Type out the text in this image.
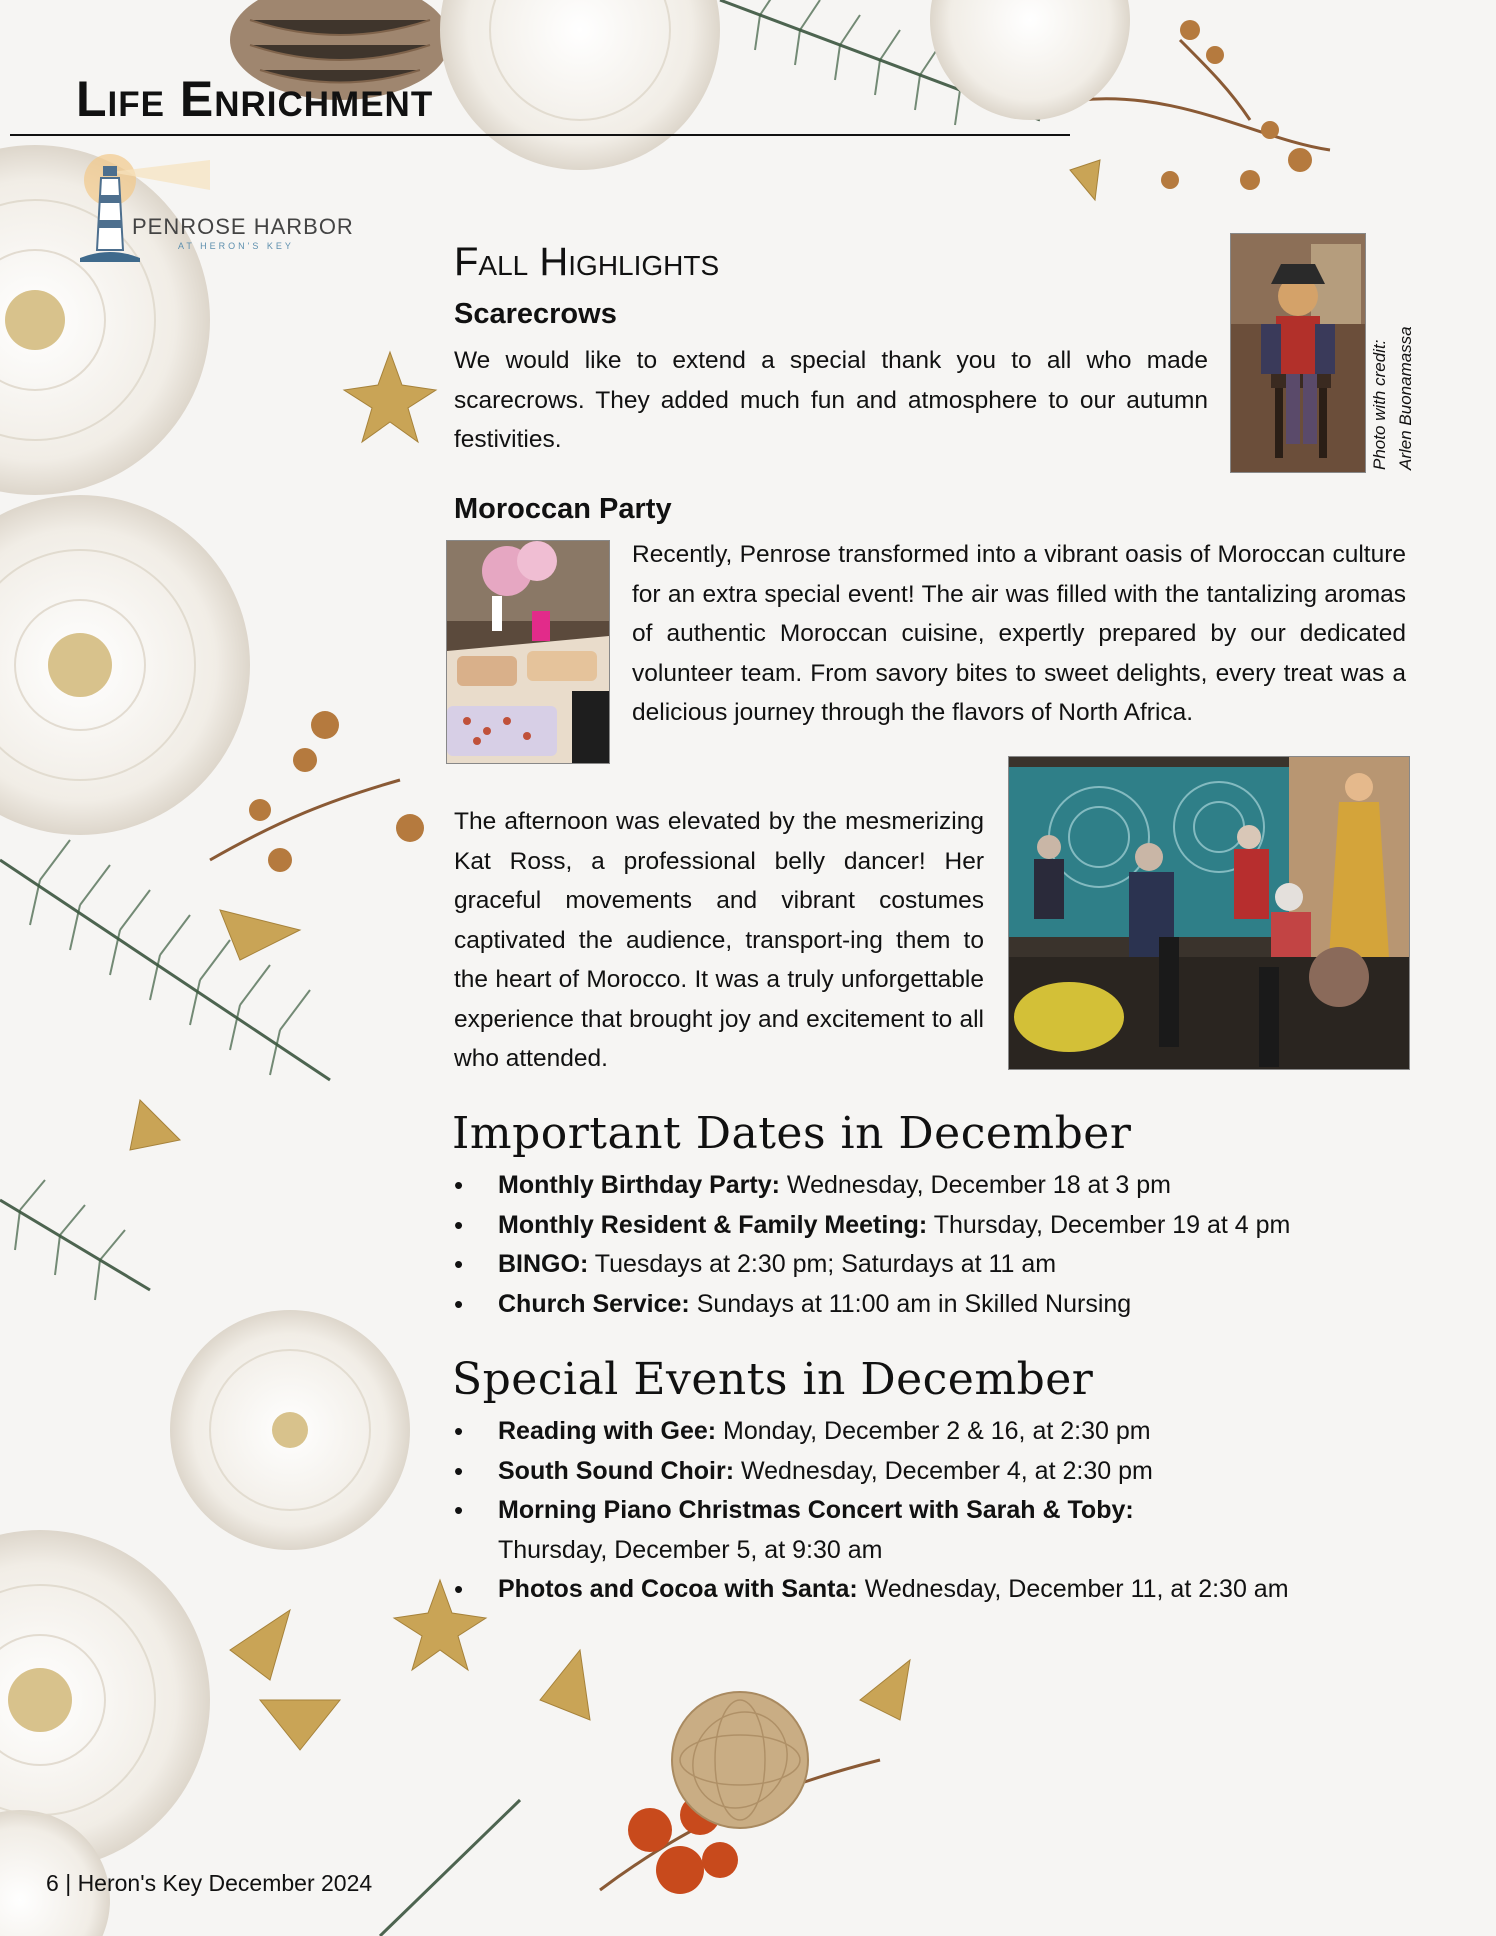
Life Enrichment
PENROSE HARBOR
AT HERON'S KEY	Fall Highlights
Scarecrows
We would like to extend a special thank you to all who made scarecrows. They added much fun and atmosphere to our autumn festivities.	Photo with credit: Arlen Buonamassa
Moroccan Party
Recently, Penrose transformed into a vibrant oasis of Moroccan culture for an extra special event! The air was filled with the tantalizing aromas of authentic Moroccan cuisine, expertly prepared by our dedicated volunteer team. From savory bites to sweet delights, every treat was a delicious journey through the flavors of North Africa.
The afternoon was elevated by the mesmerizing Kat Ross, a professional belly dancer! Her graceful movements and vibrant costumes captivated the audience, transport-ing them to the heart of Morocco. It was a truly unforgettable experience that brought joy and excitement to all who attended.
Important Dates in December
• Monthly Birthday Party: Wednesday, December 18 at 3 pm
• Monthly Resident & Family Meeting: Thursday, December 19 at 4 pm
• BINGO: Tuesdays at 2:30 pm; Saturdays at 11 am
• Church Service: Sundays at 11:00 am in Skilled Nursing
Special Events in December
• Reading with Gee: Monday, December 2 & 16, at 2:30 pm
• South Sound Choir: Wednesday, December 4, at 2:30 pm
• Morning Piano Christmas Concert with Sarah & Toby: Thursday, December 5, at 9:30 am
• Photos and Cocoa with Santa: Wednesday, December 11, at 2:30 am
6 | Heron's Key December 2024
